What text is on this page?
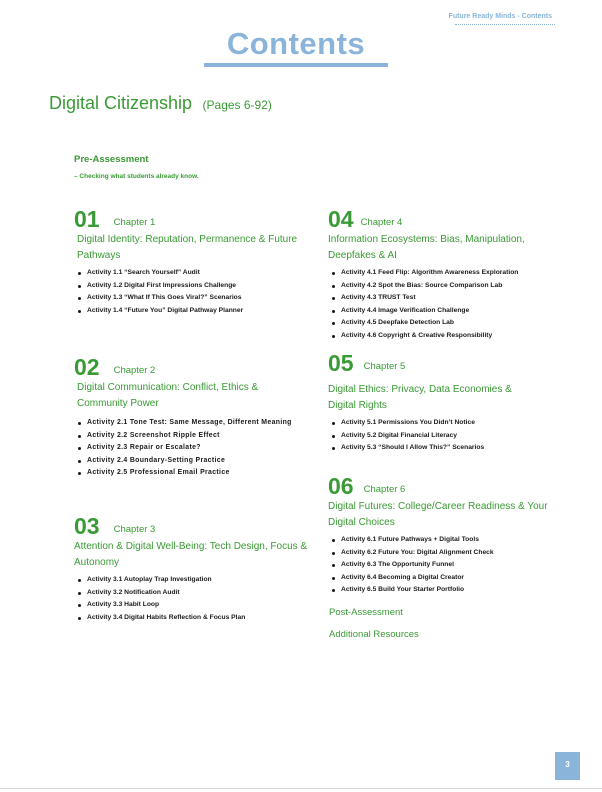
Future Ready Minds - Contents
Contents
Digital Citizenship (Pages 6-92)
Pre-Assessment
– Checking what students already know.
01 Chapter 1
Digital Identity: Reputation, Permanence & Future Pathways
Activity 1.1 “Search Yourself” Audit
Activity 1.2 Digital First Impressions Challenge
Activity 1.3 “What If This Goes Viral?” Scenarios
Activity 1.4 “Future You” Digital Pathway Planner
02 Chapter 2
Digital Communication: Conflict, Ethics & Community Power
Activity 2.1 Tone Test: Same Message, Different Meaning
Activity 2.2 Screenshot Ripple Effect
Activity 2.3 Repair or Escalate?
Activity 2.4 Boundary-Setting Practice
Activity 2.5 Professional Email Practice
03 Chapter 3
Attention & Digital Well-Being: Tech Design, Focus & Autonomy
Activity 3.1 Autoplay Trap Investigation
Activity 3.2 Notification Audit
Activity 3.3 Habit Loop
Activity 3.4 Digital Habits Reflection & Focus Plan
04 Chapter 4
Information Ecosystems: Bias, Manipulation, Deepfakes & AI
Activity 4.1 Feed Flip: Algorithm Awareness Exploration
Activity 4.2 Spot the Bias: Source Comparison Lab
Activity 4.3 TRUST Test
Activity 4.4 Image Verification Challenge
Activity 4.5 Deepfake Detection Lab
Activity 4.6 Copyright & Creative Responsibility
05 Chapter 5
Digital Ethics: Privacy, Data Economies & Digital Rights
Activity 5.1 Permissions You Didn’t Notice
Activity 5.2 Digital Financial Literacy
Activity 5.3 “Should I Allow This?” Scenarios
06 Chapter 6
Digital Futures: College/Career Readiness & Your Digital Choices
Activity 6.1 Future Pathways + Digital Tools
Activity 6.2 Future You: Digital Alignment Check
Activity 6.3 The Opportunity Funnel
Activity 6.4 Becoming a Digital Creator
Activity 6.5 Build Your Starter Portfolio
Post-Assessment
Additional Resources
3
